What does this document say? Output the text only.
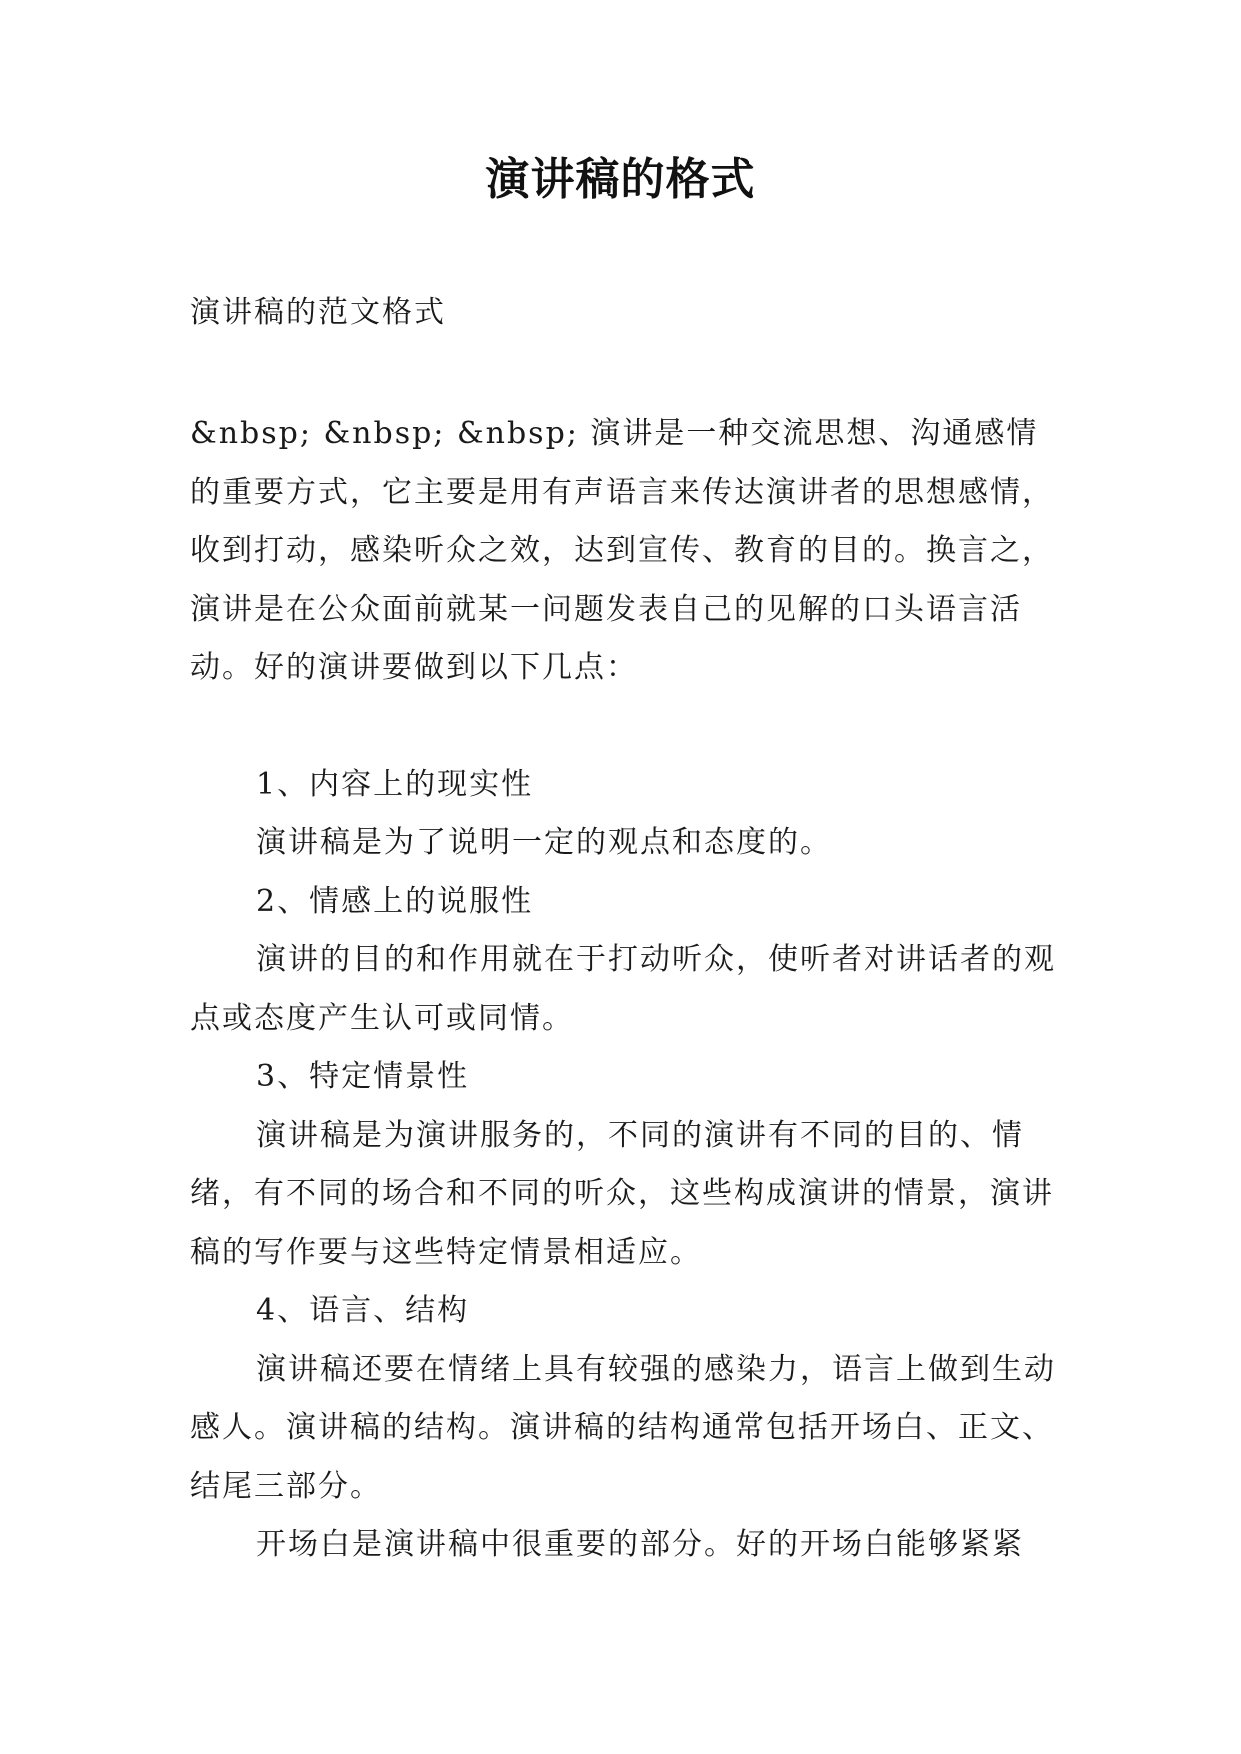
演讲稿的格式
演讲稿的范文格式

&nbsp; &nbsp; &nbsp; 演讲是一种交流思想、沟通感情的重要方式，它主要是用有声语言来传达演讲者的思想感情，收到打动，感染听众之效，达到宣传、教育的目的。换言之，演讲是在公众面前就某一问题发表自己的见解的口头语言活动。好的演讲要做到以下几点：

1、内容上的现实性

演讲稿是为了说明一定的观点和态度的。

2、情感上的说服性

演讲的目的和作用就在于打动听众，使听者对讲话者的观点或态度产生认可或同情。

3、特定情景性

演讲稿是为演讲服务的，不同的演讲有不同的目的、情绪，有不同的场合和不同的听众，这些构成演讲的情景，演讲稿的写作要与这些特定情景相适应。

4、语言、结构

演讲稿还要在情绪上具有较强的感染力，语言上做到生动感人。演讲稿的结构。演讲稿的结构通常包括开场白、正文、结尾三部分。

开场白是演讲稿中很重要的部分。好的开场白能够紧紧
